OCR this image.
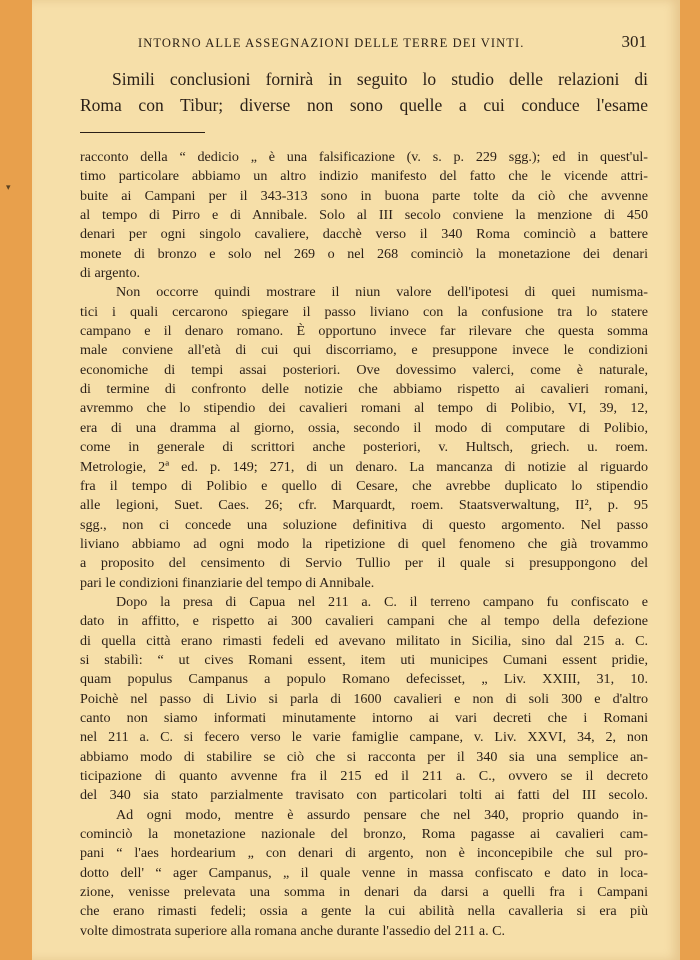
INTORNO ALLE ASSEGNAZIONI DELLE TERRE DEI VINTI.	301
Simili conclusioni fornirà in seguito lo studio delle relazioni di
Roma con Tibur; diverse non sono quelle a cui conduce l'esame
racconto della “ dedicio „ è una falsificazione (v. s. p. 229 sgg.); ed in quest'ul-
timo particolare abbiamo un altro indizio manifesto del fatto che le vicende attri-
buite ai Campani per il 343-313 sono in buona parte tolte da ciò che avvenne
al tempo di Pirro e di Annibale. Solo al III secolo conviene la menzione di 450
denari per ogni singolo cavaliere, dacchè verso il 340 Roma cominciò a battere
monete di bronzo e solo nel 269 o nel 268 cominciò la monetazione dei denari
di argento.
Non occorre quindi mostrare il niun valore dell'ipotesi di quei numisma-
tici i quali cercarono spiegare il passo liviano con la confusione tra lo statere
campano e il denaro romano. È opportuno invece far rilevare che questa somma
male conviene all'età di cui qui discorriamo, e presuppone invece le condizioni
economiche di tempi assai posteriori. Ove dovessimo valerci, come è naturale,
di termine di confronto delle notizie che abbiamo rispetto ai cavalieri romani,
avremmo che lo stipendio dei cavalieri romani al tempo di Polibio, VI, 39, 12,
era di una dramma al giorno, ossia, secondo il modo di computare di Polibio,
come in generale di scrittori anche posteriori, v. Hultsch, griech. u. roem.
Metrologie, 2ª ed. p. 149; 271, di un denaro. La mancanza di notizie al riguardo
fra il tempo di Polibio e quello di Cesare, che avrebbe duplicato lo stipendio
alle legioni, Suet. Caes. 26; cfr. Marquardt, roem. Staatsverwaltung, II², p. 95
sgg., non ci concede una soluzione definitiva di questo argomento. Nel passo
liviano abbiamo ad ogni modo la ripetizione di quel fenomeno che già trovammo
a proposito del censimento di Servio Tullio per il quale si presuppongono del
pari le condizioni finanziarie del tempo di Annibale.
Dopo la presa di Capua nel 211 a. C. il terreno campano fu confiscato e
dato in affitto, e rispetto ai 300 cavalieri campani che al tempo della defezione
di quella città erano rimasti fedeli ed avevano militato in Sicilia, sino dal 215 a. C.
si stabilì: “ ut cives Romani essent, item uti municipes Cumani essent pridie,
quam populus Campanus a populo Romano defecisset, „ Liv. XXIII, 31, 10.
Poichè nel passo di Livio si parla di 1600 cavalieri e non di soli 300 e d'altro
canto non siamo informati minutamente intorno ai vari decreti che i Romani
nel 211 a. C. si fecero verso le varie famiglie campane, v. Liv. XXVI, 34, 2, non
abbiamo modo di stabilire se ciò che si racconta per il 340 sia una semplice an-
ticipazione di quanto avvenne fra il 215 ed il 211 a. C., ovvero se il decreto
del 340 sia stato parzialmente travisato con particolari tolti ai fatti del III secolo.
Ad ogni modo, mentre è assurdo pensare che nel 340, proprio quando in-
cominciò la monetazione nazionale del bronzo, Roma pagasse ai cavalieri cam-
pani “ l'aes hordearium „ con denari di argento, non è inconcepibile che sul pro-
dotto dell' “ ager Campanus, „ il quale venne in massa confiscato e dato in loca-
zione, venisse prelevata una somma in denari da darsi a quelli fra i Campani
che erano rimasti fedeli; ossia a gente la cui abilità nella cavalleria si era più
volte dimostrata superiore alla romana anche durante l'assedio del 211 a. C.
▾
